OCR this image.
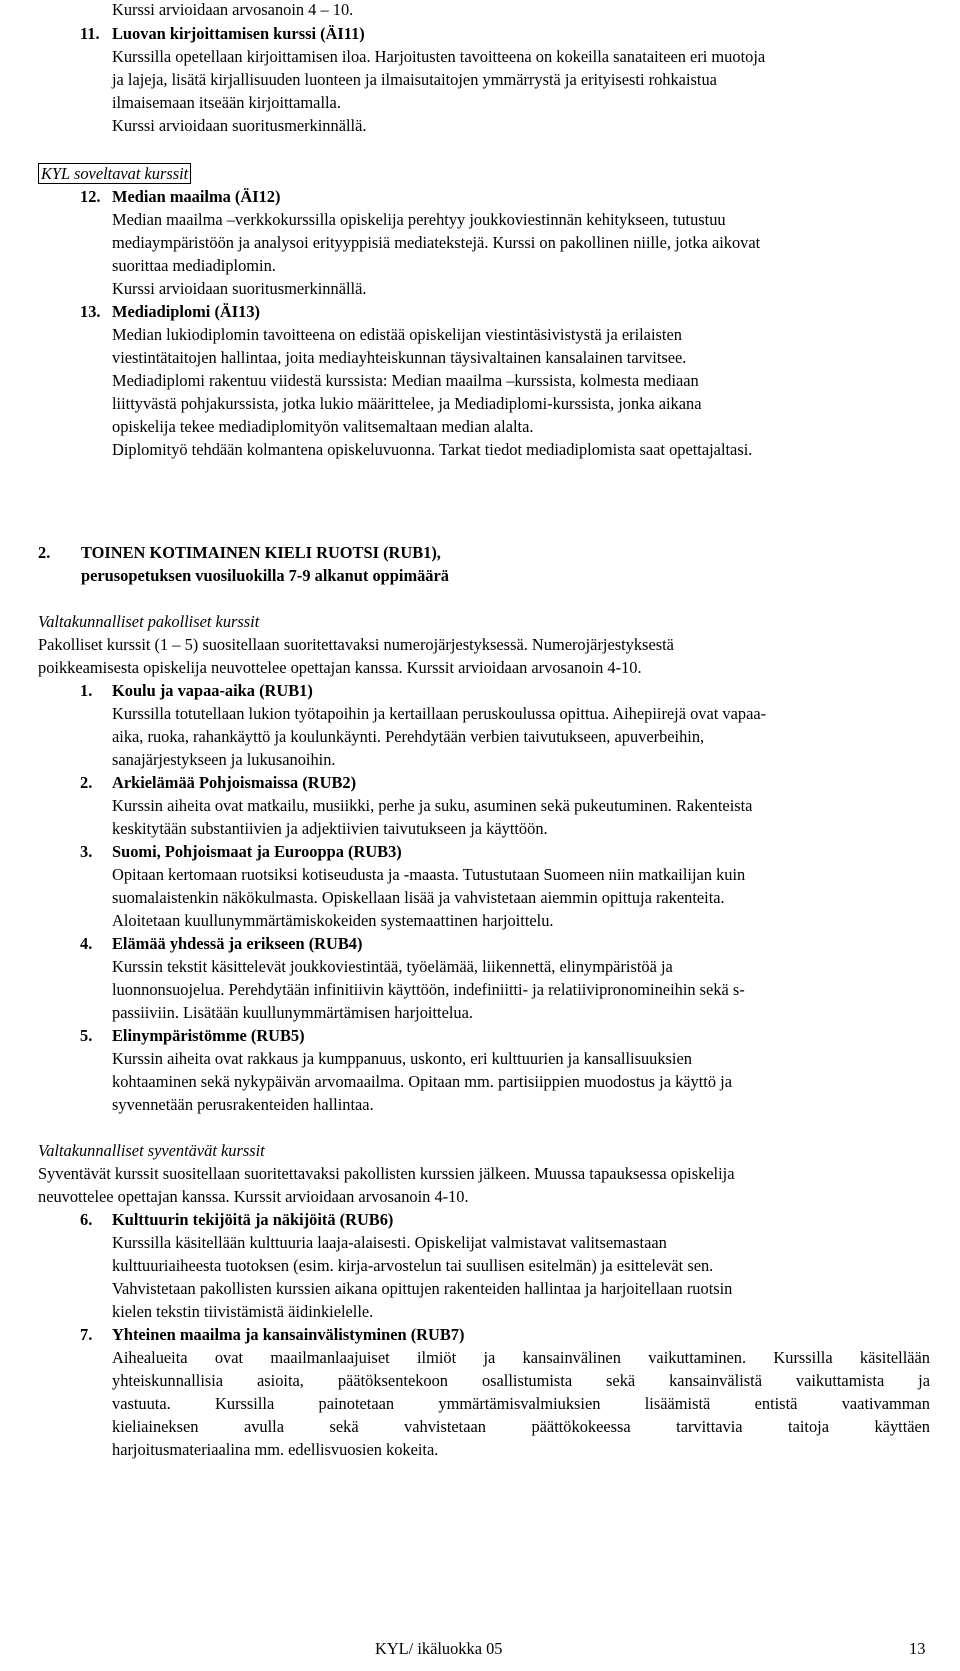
Kurssi arvioidaan arvosanoin 4 – 10.
11. Luovan kirjoittamisen kurssi (ÄI11)
Kurssilla opetellaan kirjoittamisen iloa. Harjoitusten tavoitteena on kokeilla sanataiteen eri muotoja
ja lajeja, lisätä kirjallisuuden luonteen ja ilmaisutaitojen ymmärrystä ja erityisesti rohkaistua
ilmaisemaan itseään kirjoittamalla.
Kurssi arvioidaan suoritusmerkinnällä.
KYL soveltavat kurssit
12. Median maailma (ÄI12)
Median maailma –verkkokurssilla opiskelija perehtyy joukkoviestinnän kehitykseen, tutustuu
mediaympäristöön ja analysoi erityyppisiä mediatekstejä. Kurssi on pakollinen niille, jotka aikovat
suorittaa mediadiplomin.
Kurssi arvioidaan suoritusmerkinnällä.
13. Mediadiplomi (ÄI13)
Median lukiodiplomin tavoitteena on edistää opiskelijan viestintäsivistystä ja erilaisten
viestintätaitojen hallintaa, joita mediayhteiskunnan täysivaltainen kansalainen tarvitsee.
Mediadiplomi rakentuu viidestä kurssista: Median maailma –kurssista, kolmesta mediaan
liittyvästä pohjakurssista, jotka lukio määrittelee, ja Mediadiplomi-kurssista, jonka aikana
opiskelija tekee mediadiplomityön valitsemaltaan median alalta.
Diplomityö tehdään kolmantena opiskeluvuonna. Tarkat tiedot mediadiplomista saat opettajaltasi.
2. TOINEN KOTIMAINEN KIELI RUOTSI (RUB1),
perusopetuksen vuosiluokilla 7-9 alkanut oppimäärä
Valtakunnalliset pakolliset kurssit
Pakolliset kurssit (1 – 5) suositellaan suoritettavaksi numerojärjestyksessä. Numerojärjestyksestä
poikkeamisesta opiskelija neuvottelee opettajan kanssa. Kurssit arvioidaan arvosanoin 4-10.
1. Koulu ja vapaa-aika (RUB1)
Kurssilla totutellaan lukion työtapoihin ja kertaillaan peruskoulussa opittua. Aihepiirejä ovat vapaa-
aika, ruoka, rahankäyttö ja koulunkäynti. Perehdytään verbien taivutukseen, apuverbeihin,
sanajärjestykseen ja lukusanoihin.
2. Arkielämää Pohjoismaissa (RUB2)
Kurssin aiheita ovat matkailu, musiikki, perhe ja suku, asuminen sekä pukeutuminen. Rakenteista
keskitytään substantiivien ja adjektiivien taivutukseen ja käyttöön.
3. Suomi, Pohjoismaat ja Eurooppa (RUB3)
Opitaan kertomaan ruotsiksi kotiseudusta ja -maasta. Tutustutaan Suomeen niin matkailijan kuin
suomalaistenkin näkökulmasta. Opiskellaan lisää ja vahvistetaan aiemmin opittuja rakenteita.
Aloitetaan kuullunymmärtämiskokeiden systemaattinen harjoittelu.
4. Elämää yhdessä ja erikseen (RUB4)
Kurssin tekstit käsittelevät joukkoviestintää, työelämää, liikennettä, elinympäristöä ja
luonnonsuojelua. Perehdytään infinitiivin käyttöön, indefiniitti- ja relatiivipronomineihin sekä s-
passiiviin. Lisätään kuullunymmärtämisen harjoittelua.
5. Elinympäristömme (RUB5)
Kurssin aiheita ovat rakkaus ja kumppanuus, uskonto, eri kulttuurien ja kansallisuuksien
kohtaaminen sekä nykypäivän arvomaailma. Opitaan mm. partisiippien muodostus ja käyttö ja
syvennetään perusrakenteiden hallintaa.
Valtakunnalliset syventävät kurssit
Syventävät kurssit suositellaan suoritettavaksi pakollisten kurssien jälkeen. Muussa tapauksessa opiskelija
neuvottelee opettajan kanssa. Kurssit arvioidaan arvosanoin 4-10.
6. Kulttuurin tekijöitä ja näkijöitä (RUB6)
Kurssilla käsitellään kulttuuria laaja-alaisesti. Opiskelijat valmistavat valitsemastaan
kulttuuriaiheesta tuotoksen (esim. kirja-arvostelun tai suullisen esitelmän) ja esittelevät sen.
Vahvistetaan pakollisten kurssien aikana opittujen rakenteiden hallintaa ja harjoitellaan ruotsin
kielen tekstin tiivistämistä äidinkielelle.
7. Yhteinen maailma ja kansainvälistyminen (RUB7)
Aihealueita ovat maailmanlaajuiset ilmiöt ja kansainvälinen vaikuttaminen. Kurssilla käsitellään
yhteiskunnallisia asioita, päätöksentekoon osallistumista sekä kansainvälistä vaikuttamista ja
vastuuta. Kurssilla painotetaan ymmärtämisvalmiuksien lisäämistä entistä vaativamman
kieliaineksen avulla sekä vahvistetaan päättökokeessa tarvittavia taitoja käyttäen
harjoitusmateriaalina mm. edellisvuosien kokeita.
KYL/ ikäluokka 05	13
